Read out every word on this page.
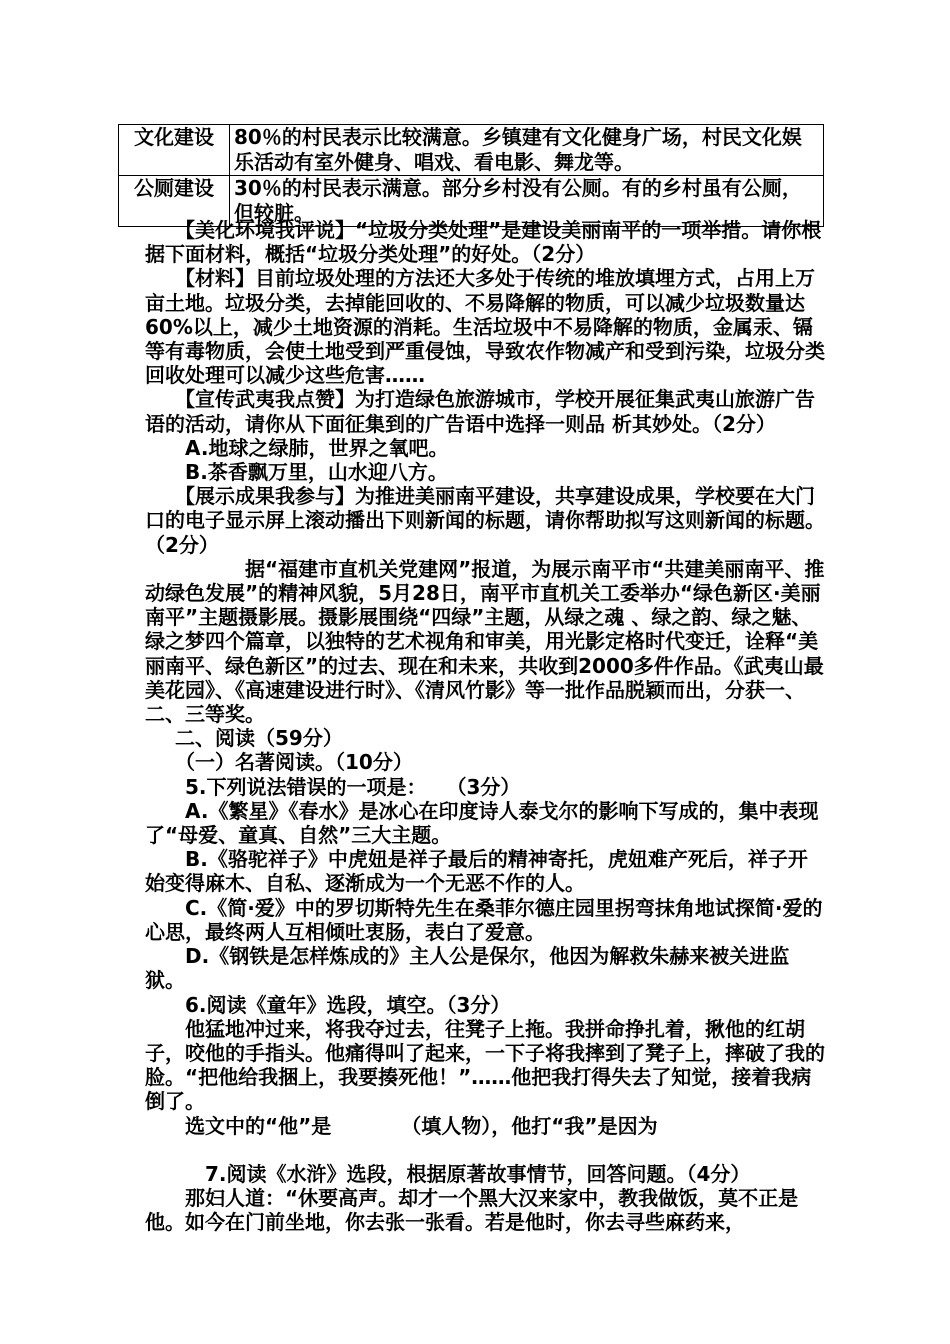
文化建设	80％的村民表示比较满意。乡镇建有文化健身广场，村民文化娱乐活动有室外健身、唱戏、看电影、舞龙等。
公厕建设	30％的村民表示满意。部分乡村没有公厕。有的乡村虽有公厕，但较脏。

【美化环境我评说】“垃圾分类处理”是建设美丽南平的一项举措。请你根据下面材料，概括“垃圾分类处理”的好处。（2分）

【材料】目前垃圾处理的方法还大多处于传统的堆放填埋方式，占用上万亩土地。垃圾分类，去掉能回收的、不易降解的物质，可以减少垃圾数量达60%以上，减少土地资源的消耗。生活垃圾中不易降解的物质，金属汞、镉等有毒物质，会使土地受到严重侵蚀，导致农作物减产和受到污染，垃圾分类回收处理可以减少这些危害……

【宣传武夷我点赞】为打造绿色旅游城市，学校开展征集武夷山旅游广告语的活动，请你从下面征集到的广告语中选择一则品 析其妙处。（2分）

A.地球之绿肺，世界之氧吧。

B.茶香飘万里，山水迎八方。

【展示成果我参与】为推进美丽南平建设，共享建设成果，学校要在大门口的电子显示屏上滚动播出下则新闻的标题，请你帮助拟写这则新闻的标题。（2分）

据“福建市直机关党建网”报道，为展示南平市“共建美丽南平、推动绿色发展”的精神风貌，5月28日，南平市直机关工委举办“绿色新区·美丽南平”主题摄影展。摄影展围绕“四绿”主题，从绿之魂 、绿之韵、绿之魅、绿之梦四个篇章，以独特的艺术视角和审美，用光影定格时代变迁，诠释“美丽南平、绿色新区”的过去、现在和未来，共收到2000多件作品。《武夷山最美花园》、《高速建设进行时》、《清风竹影》等一批作品脱颖而出，分获一、二、三等奖。

二、阅读（59分）

（一）名著阅读。（10分）

5.下列说法错误的一项是：　　（3分）

A.《繁星》《春水》是冰心在印度诗人泰戈尔的影响下写成的，集中表现了“母爱、童真、自然”三大主题。

B.《骆驼祥子》中虎妞是祥子最后的精神寄托，虎妞难产死后，祥子开始变得麻木、自私、逐渐成为一个无恶不作的人。

C.《简·爱》中的罗切斯特先生在桑菲尔德庄园里拐弯抹角地试探简·爱的心思，最终两人互相倾吐衷肠，表白了爱意。

D.《钢铁是怎样炼成的》主人公是保尔，他因为解救朱赫来被关进监狱。

6.阅读《童年》选段，填空。（3分）

他猛地冲过来，将我夺过去，往凳子上拖。我拼命挣扎着，揪他的红胡子，咬他的手指头。他痛得叫了起来，一下子将我摔到了凳子上，摔破了我的脸。“把他给我捆上，我要揍死他！”……他把我打得失去了知觉，接着我病倒了。

选文中的“他”是　　　　（填人物），他打“我”是因为

7.阅读《水浒》选段，根据原著故事情节，回答问题。（4分）

那妇人道：“休要高声。却才一个黑大汉来家中，教我做饭，莫不正是他。如今在门前坐地，你去张一张看。若是他时，你去寻些麻药来，
